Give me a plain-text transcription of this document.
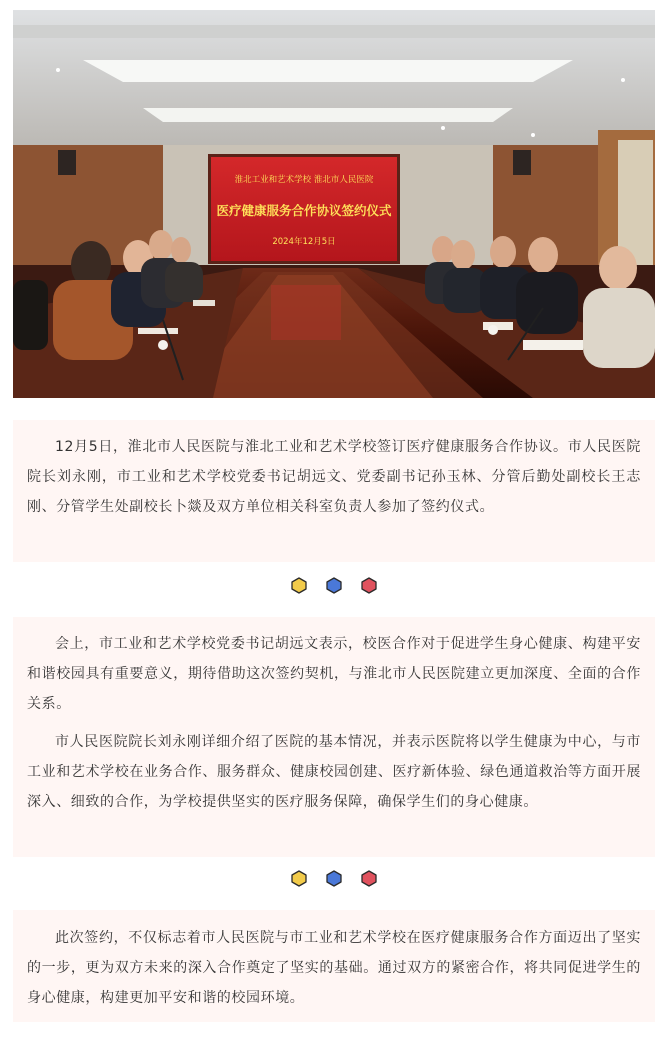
淮北工业和艺术学校 淮北市人民医院
医疗健康服务合作协议签约仪式
2024年12月5日

12月5日，淮北市人民医院与淮北工业和艺术学校签订医疗健康服务合作协议。市人民医院院长刘永刚，市工业和艺术学校党委书记胡远文、党委副书记孙玉林、分管后勤处副校长王志刚、分管学生处副校长卜燚及双方单位相关科室负责人参加了签约仪式。

会上，市工业和艺术学校党委书记胡远文表示，校医合作对于促进学生身心健康、构建平安和谐校园具有重要意义，期待借助这次签约契机，与淮北市人民医院建立更加深度、全面的合作关系。

市人民医院院长刘永刚详细介绍了医院的基本情况，并表示医院将以学生健康为中心，与市工业和艺术学校在业务合作、服务群众、健康校园创建、医疗新体验、绿色通道救治等方面开展深入、细致的合作，为学校提供坚实的医疗服务保障，确保学生们的身心健康。

此次签约，不仅标志着市人民医院与市工业和艺术学校在医疗健康服务合作方面迈出了坚实的一步，更为双方未来的深入合作奠定了坚实的基础。通过双方的紧密合作，将共同促进学生的身心健康，构建更加平安和谐的校园环境。
